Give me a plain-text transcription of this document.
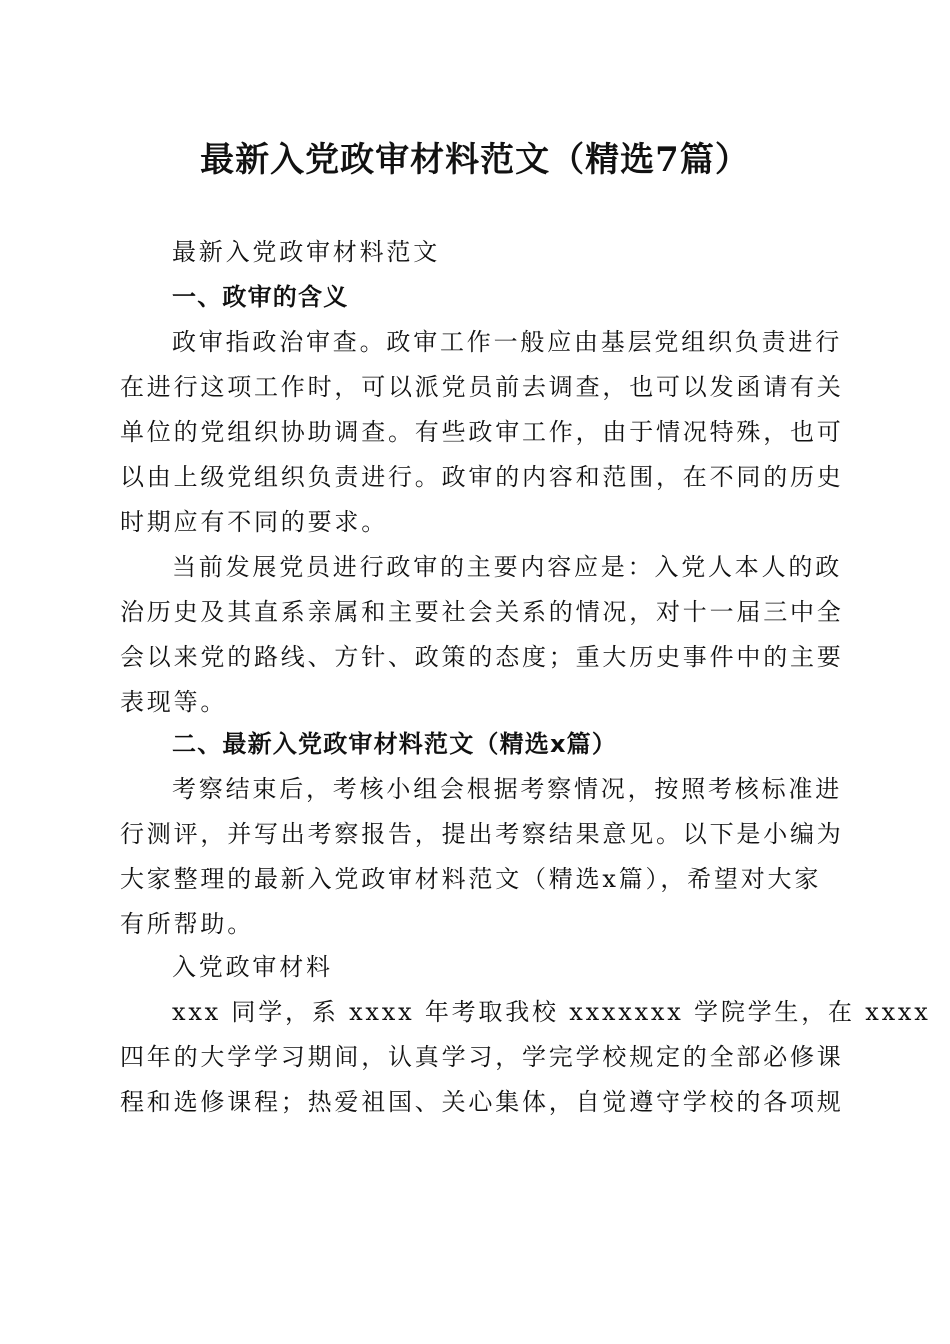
最新入党政审材料范文（精选7篇）
最新入党政审材料范文
一、政审的含义
政审指政治审查。政审工作一般应由基层党组织负责进行
在进行这项工作时，可以派党员前去调查，也可以发函请有关
单位的党组织协助调查。有些政审工作，由于情况特殊，也可
以由上级党组织负责进行。政审的内容和范围，在不同的历史
时期应有不同的要求。
当前发展党员进行政审的主要内容应是：入党人本人的政
治历史及其直系亲属和主要社会关系的情况，对十一届三中全
会以来党的路线、方针、政策的态度；重大历史事件中的主要
表现等。
二、最新入党政审材料范文（精选x篇）
考察结束后，考核小组会根据考察情况，按照考核标准进
行测评，并写出考察报告，提出考察结果意见。以下是小编为
大家整理的最新入党政审材料范文（精选x篇），希望对大家
有所帮助。
入党政审材料
xxx 同学，系 xxxx 年考取我校 xxxxxxx 学院学生，在 xxxx
四年的大学学习期间，认真学习，学完学校规定的全部必修课
程和选修课程；热爱祖国、关心集体，自觉遵守学校的各项规
